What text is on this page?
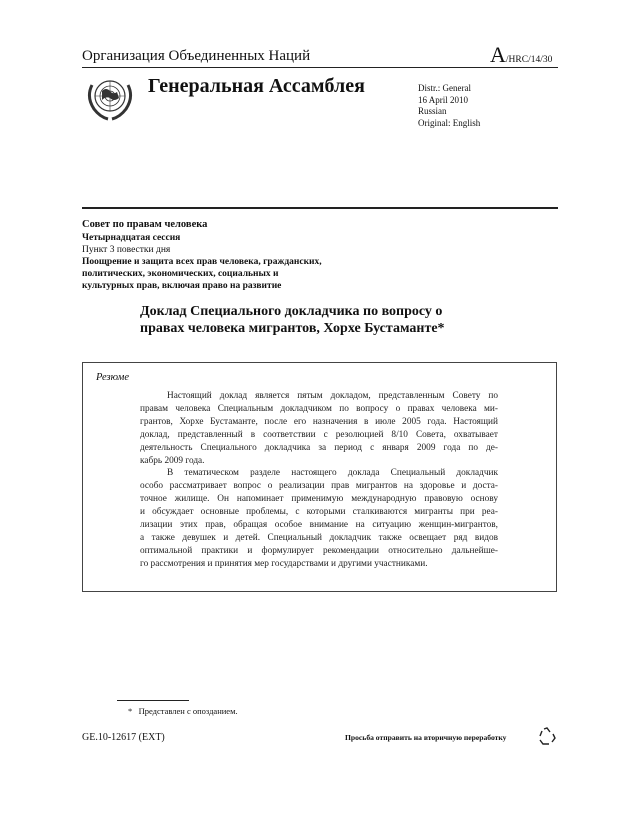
Организация Объединенных Наций	A/HRC/14/30
Генеральная Ассамблея	Distr.: General
16 April 2010
Russian
Original: English
Совет по правам человека
Четырнадцатая сессия
Пункт 3 повестки дня
Поощрение и защита всех прав человека, гражданских,
политических, экономических, социальных и
культурных прав, включая право на развитие
Доклад Специального докладчика по вопросу о
правах человека мигрантов, Хорхе Бустаманте*
Резюме
Настоящий доклад является пятым докладом, представленным Совету по
правам человека Специальным докладчиком по вопросу о правах человека ми-
грантов, Хорхе Бустаманте, после его назначения в июле 2005 года. Настоящий
доклад, представленный в соответствии с резолюцией 8/10 Совета, охватывает
деятельность Специального докладчика за период с января 2009 года по де-
кабрь 2009 года.
В тематическом разделе настоящего доклада Специальный докладчик
особо рассматривает вопрос о реализации прав мигрантов на здоровье и доста-
точное жилище. Он напоминает применимую международную правовую основу
и обсуждает основные проблемы, с которыми сталкиваются мигранты при реа-
лизации этих прав, обращая особое внимание на ситуацию женщин-мигрантов,
а также девушек и детей. Специальный докладчик также освещает ряд видов
оптимальной практики и формулирует рекомендации относительно дальнейше-
го рассмотрения и принятия мер государствами и другими участниками.
* Представлен с опозданием.
GE.10-12617 (EXT)	Просьба отправить на вторичную переработку
